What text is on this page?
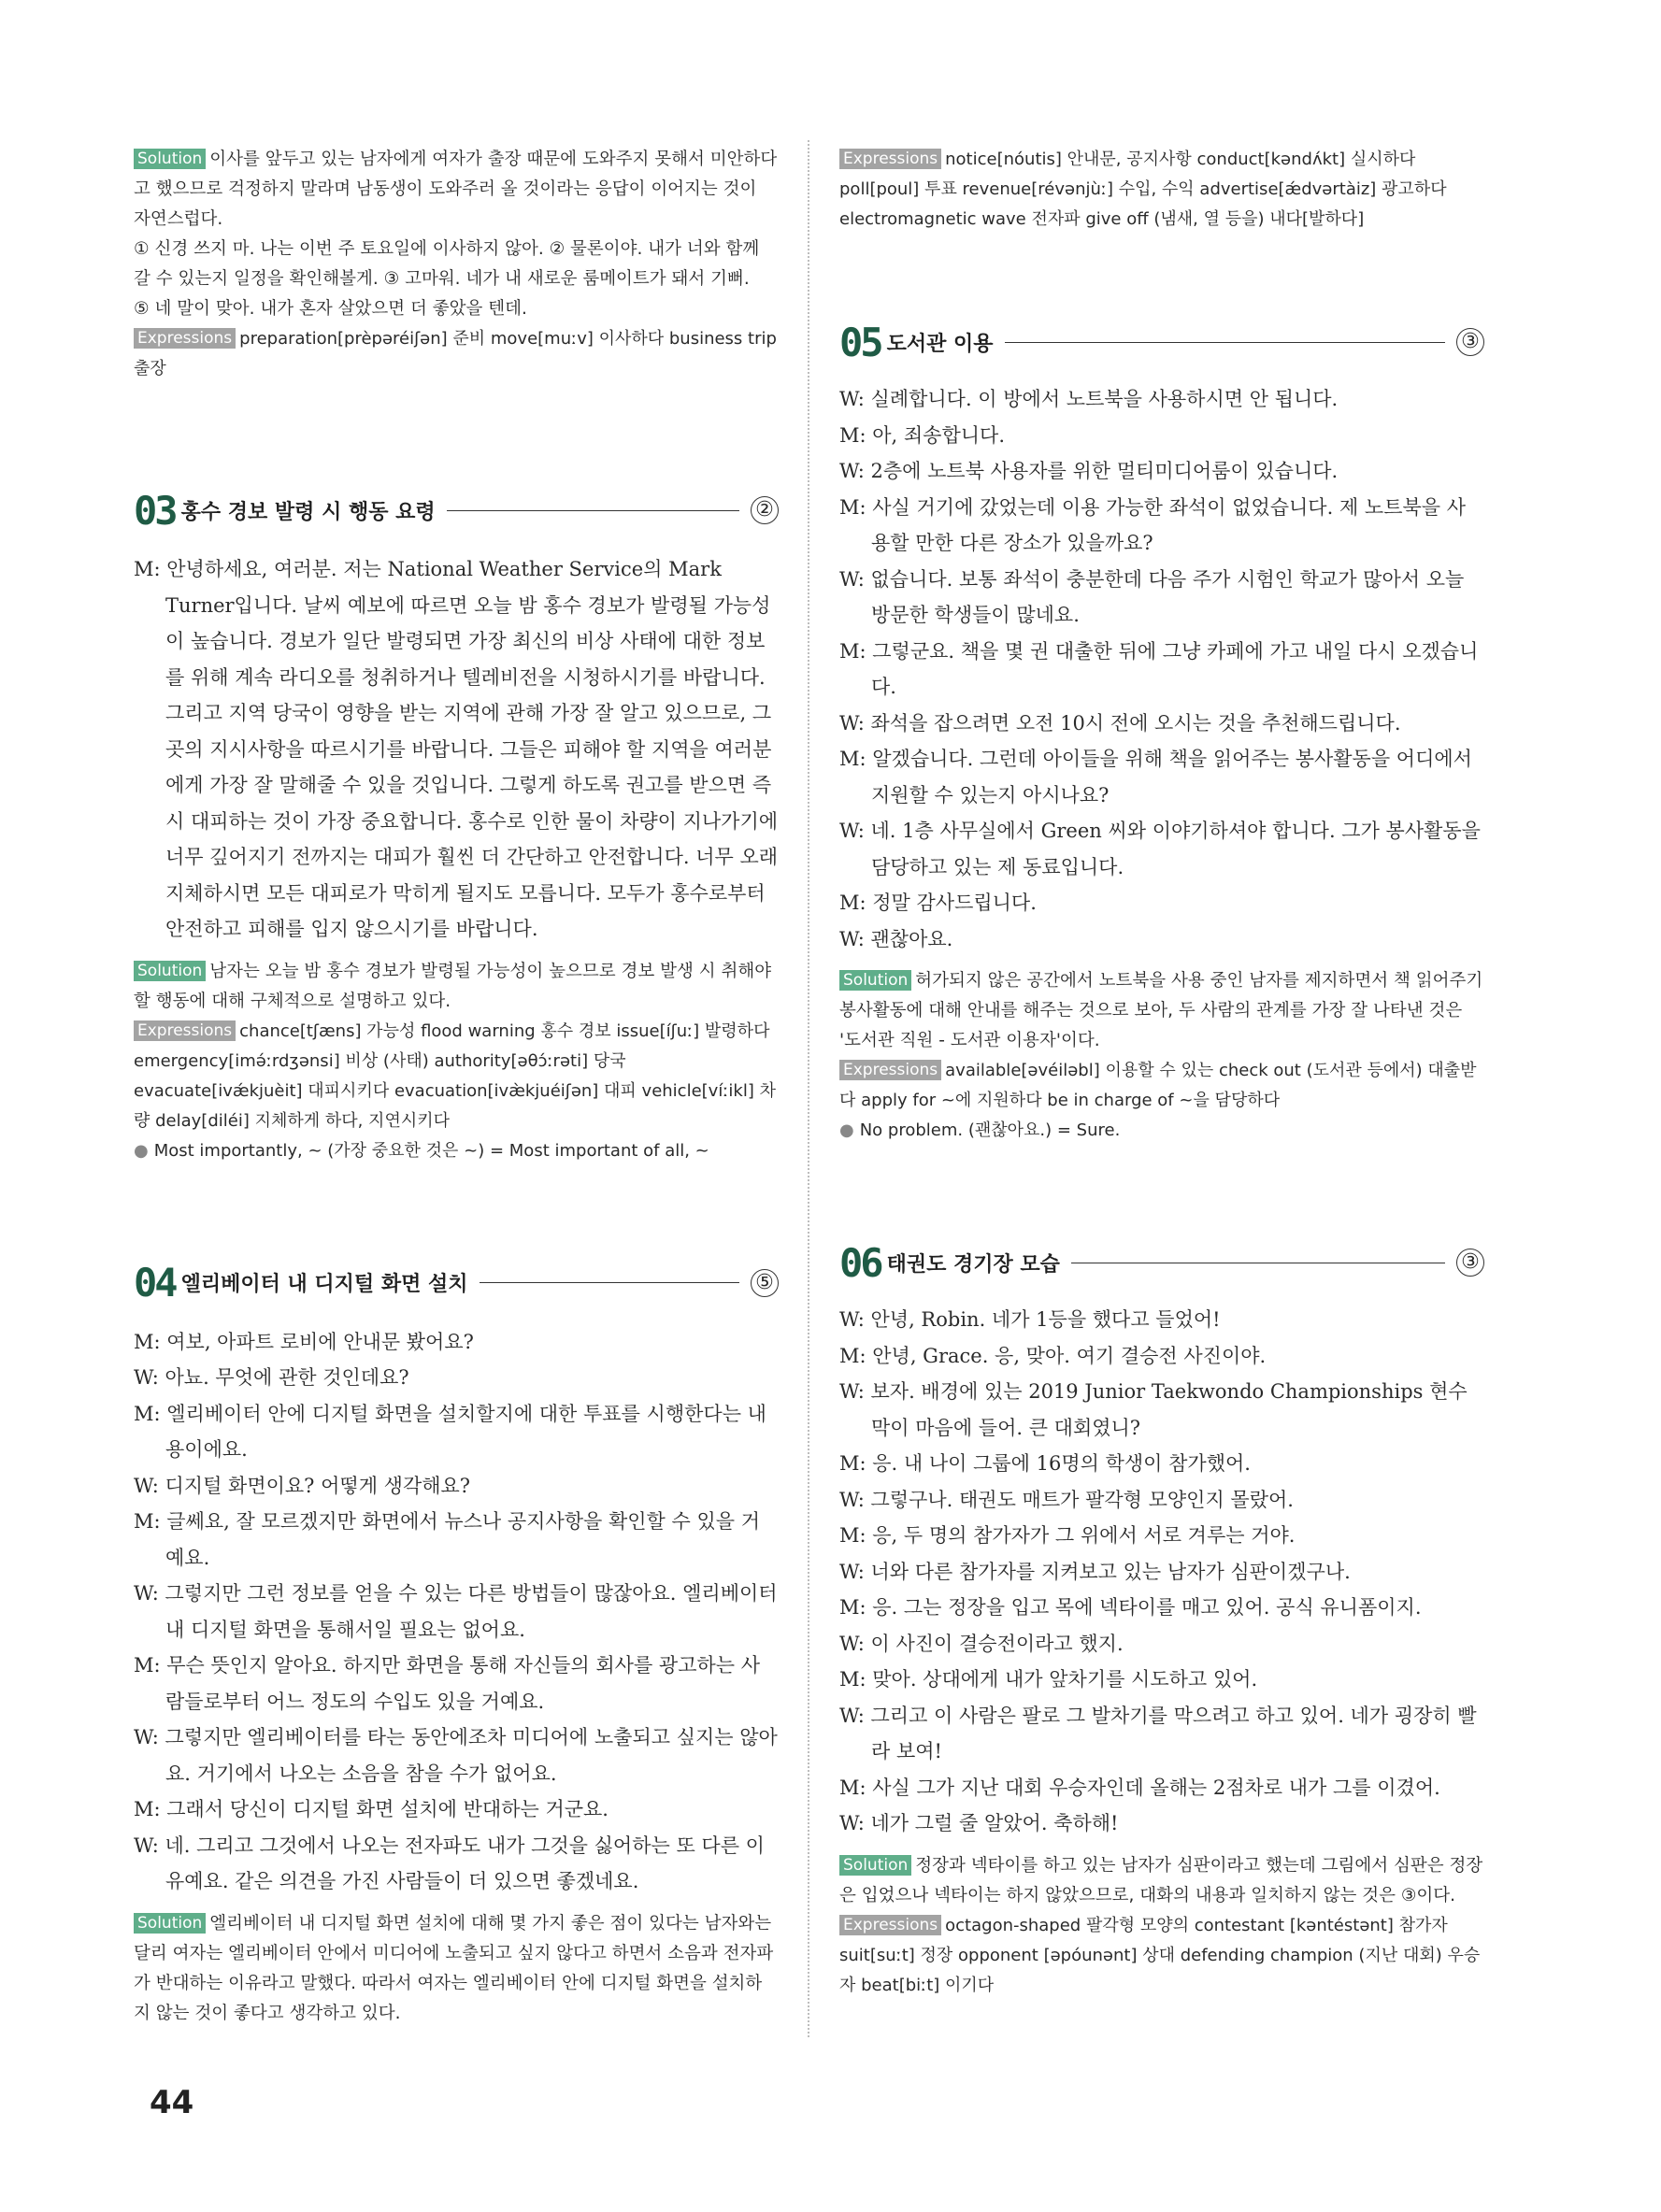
Solution 이사를 앞두고 있는 남자에게 여자가 출장 때문에 도와주지 못해서 미안하다고 했으므로 걱정하지 말라며 남동생이 도와주러 올 것이라는 응답이 이어지는 것이 자연스럽다.

① 신경 쓰지 마. 나는 이번 주 토요일에 이사하지 않아. ② 물론이야. 내가 너와 함께 갈 수 있는지 일정을 확인해볼게. ③ 고마워. 네가 내 새로운 룸메이트가 돼서 기뻐.
⑤ 네 말이 맞아. 내가 혼자 살았으면 더 좋았을 텐데.

Expressions preparation[prèpəréiʃən] 준비 move[muːv] 이사하다 business trip 출장

03 홍수 경보 발령 시 행동 요령	②

M: 안녕하세요, 여러분. 저는 National Weather Service의 Mark Turner입니다. 날씨 예보에 따르면 오늘 밤 홍수 경보가 발령될 가능성이 높습니다. 경보가 일단 발령되면 가장 최신의 비상 사태에 대한 정보를 위해 계속 라디오를 청취하거나 텔레비전을 시청하시기를 바랍니다. 그리고 지역 당국이 영향을 받는 지역에 관해 가장 잘 알고 있으므로, 그곳의 지시사항을 따르시기를 바랍니다. 그들은 피해야 할 지역을 여러분에게 가장 잘 말해줄 수 있을 것입니다. 그렇게 하도록 권고를 받으면 즉시 대피하는 것이 가장 중요합니다. 홍수로 인한 물이 차량이 지나가기에 너무 깊어지기 전까지는 대피가 훨씬 더 간단하고 안전합니다. 너무 오래 지체하시면 모든 대피로가 막히게 될지도 모릅니다. 모두가 홍수로부터 안전하고 피해를 입지 않으시기를 바랍니다.

Solution 남자는 오늘 밤 홍수 경보가 발령될 가능성이 높으므로 경보 발생 시 취해야 할 행동에 대해 구체적으로 설명하고 있다.

Expressions chance[tʃæns] 가능성 flood warning 홍수 경보 issue[íʃuː] 발령하다 emergency[imə́ːrdʒənsi] 비상 (사태) authority[əθɔ́ːrəti] 당국 evacuate[ivǽkjuèit] 대피시키다 evacuation[ivæ̀kjuéiʃən] 대피 vehicle[víːikl] 차량 delay[diléi] 지체하게 하다, 지연시키다

● Most importantly, ~ (가장 중요한 것은 ~) = Most important of all, ~

04 엘리베이터 내 디지털 화면 설치	⑤

M: 여보, 아파트 로비에 안내문 봤어요?

W: 아뇨. 무엇에 관한 것인데요?

M: 엘리베이터 안에 디지털 화면을 설치할지에 대한 투표를 시행한다는 내용이에요.

W: 디지털 화면이요? 어떻게 생각해요?

M: 글쎄요, 잘 모르겠지만 화면에서 뉴스나 공지사항을 확인할 수 있을 거예요.

W: 그렇지만 그런 정보를 얻을 수 있는 다른 방법들이 많잖아요. 엘리베이터 내 디지털 화면을 통해서일 필요는 없어요.

M: 무슨 뜻인지 알아요. 하지만 화면을 통해 자신들의 회사를 광고하는 사람들로부터 어느 정도의 수입도 있을 거예요.

W: 그렇지만 엘리베이터를 타는 동안에조차 미디어에 노출되고 싶지는 않아요. 거기에서 나오는 소음을 참을 수가 없어요.

M: 그래서 당신이 디지털 화면 설치에 반대하는 거군요.

W: 네. 그리고 그것에서 나오는 전자파도 내가 그것을 싫어하는 또 다른 이유예요. 같은 의견을 가진 사람들이 더 있으면 좋겠네요.

Solution 엘리베이터 내 디지털 화면 설치에 대해 몇 가지 좋은 점이 있다는 남자와는 달리 여자는 엘리베이터 안에서 미디어에 노출되고 싶지 않다고 하면서 소음과 전자파가 반대하는 이유라고 말했다. 따라서 여자는 엘리베이터 안에 디지털 화면을 설치하지 않는 것이 좋다고 생각하고 있다.

Expressions notice[nóutis] 안내문, 공지사항 conduct[kəndʌ́kt] 실시하다 poll[poul] 투표 revenue[révənjùː] 수입, 수익 advertise[ǽdvərtàiz] 광고하다 electromagnetic wave 전자파 give off (냄새, 열 등을) 내다[발하다]

05 도서관 이용	③

W: 실례합니다. 이 방에서 노트북을 사용하시면 안 됩니다.

M: 아, 죄송합니다.

W: 2층에 노트북 사용자를 위한 멀티미디어룸이 있습니다.

M: 사실 거기에 갔었는데 이용 가능한 좌석이 없었습니다. 제 노트북을 사용할 만한 다른 장소가 있을까요?

W: 없습니다. 보통 좌석이 충분한데 다음 주가 시험인 학교가 많아서 오늘 방문한 학생들이 많네요.

M: 그렇군요. 책을 몇 권 대출한 뒤에 그냥 카페에 가고 내일 다시 오겠습니다.

W: 좌석을 잡으려면 오전 10시 전에 오시는 것을 추천해드립니다.

M: 알겠습니다. 그런데 아이들을 위해 책을 읽어주는 봉사활동을 어디에서 지원할 수 있는지 아시나요?

W: 네. 1층 사무실에서 Green 씨와 이야기하셔야 합니다. 그가 봉사활동을 담당하고 있는 제 동료입니다.

M: 정말 감사드립니다.

W: 괜찮아요.

Solution 허가되지 않은 공간에서 노트북을 사용 중인 남자를 제지하면서 책 읽어주기 봉사활동에 대해 안내를 해주는 것으로 보아, 두 사람의 관계를 가장 잘 나타낸 것은 '도서관 직원 - 도서관 이용자'이다.

Expressions available[əvéiləbl] 이용할 수 있는 check out (도서관 등에서) 대출받다 apply for ~에 지원하다 be in charge of ~을 담당하다

● No problem. (괜찮아요.) = Sure.

06 태권도 경기장 모습	③

W: 안녕, Robin. 네가 1등을 했다고 들었어!

M: 안녕, Grace. 응, 맞아. 여기 결승전 사진이야.

W: 보자. 배경에 있는 2019 Junior Taekwondo Championships 현수막이 마음에 들어. 큰 대회였니?

M: 응. 내 나이 그룹에 16명의 학생이 참가했어.

W: 그렇구나. 태권도 매트가 팔각형 모양인지 몰랐어.

M: 응, 두 명의 참가자가 그 위에서 서로 겨루는 거야.

W: 너와 다른 참가자를 지켜보고 있는 남자가 심판이겠구나.

M: 응. 그는 정장을 입고 목에 넥타이를 매고 있어. 공식 유니폼이지.

W: 이 사진이 결승전이라고 했지.

M: 맞아. 상대에게 내가 앞차기를 시도하고 있어.

W: 그리고 이 사람은 팔로 그 발차기를 막으려고 하고 있어. 네가 굉장히 빨라 보여!

M: 사실 그가 지난 대회 우승자인데 올해는 2점차로 내가 그를 이겼어.

W: 네가 그럴 줄 알았어. 축하해!

Solution 정장과 넥타이를 하고 있는 남자가 심판이라고 했는데 그림에서 심판은 정장은 입었으나 넥타이는 하지 않았으므로, 대화의 내용과 일치하지 않는 것은 ③이다.

Expressions octagon-shaped 팔각형 모양의 contestant [kəntéstənt] 참가자 suit[suːt] 정장 opponent [əpóunənt] 상대 defending champion (지난 대회) 우승자 beat[biːt] 이기다

44
